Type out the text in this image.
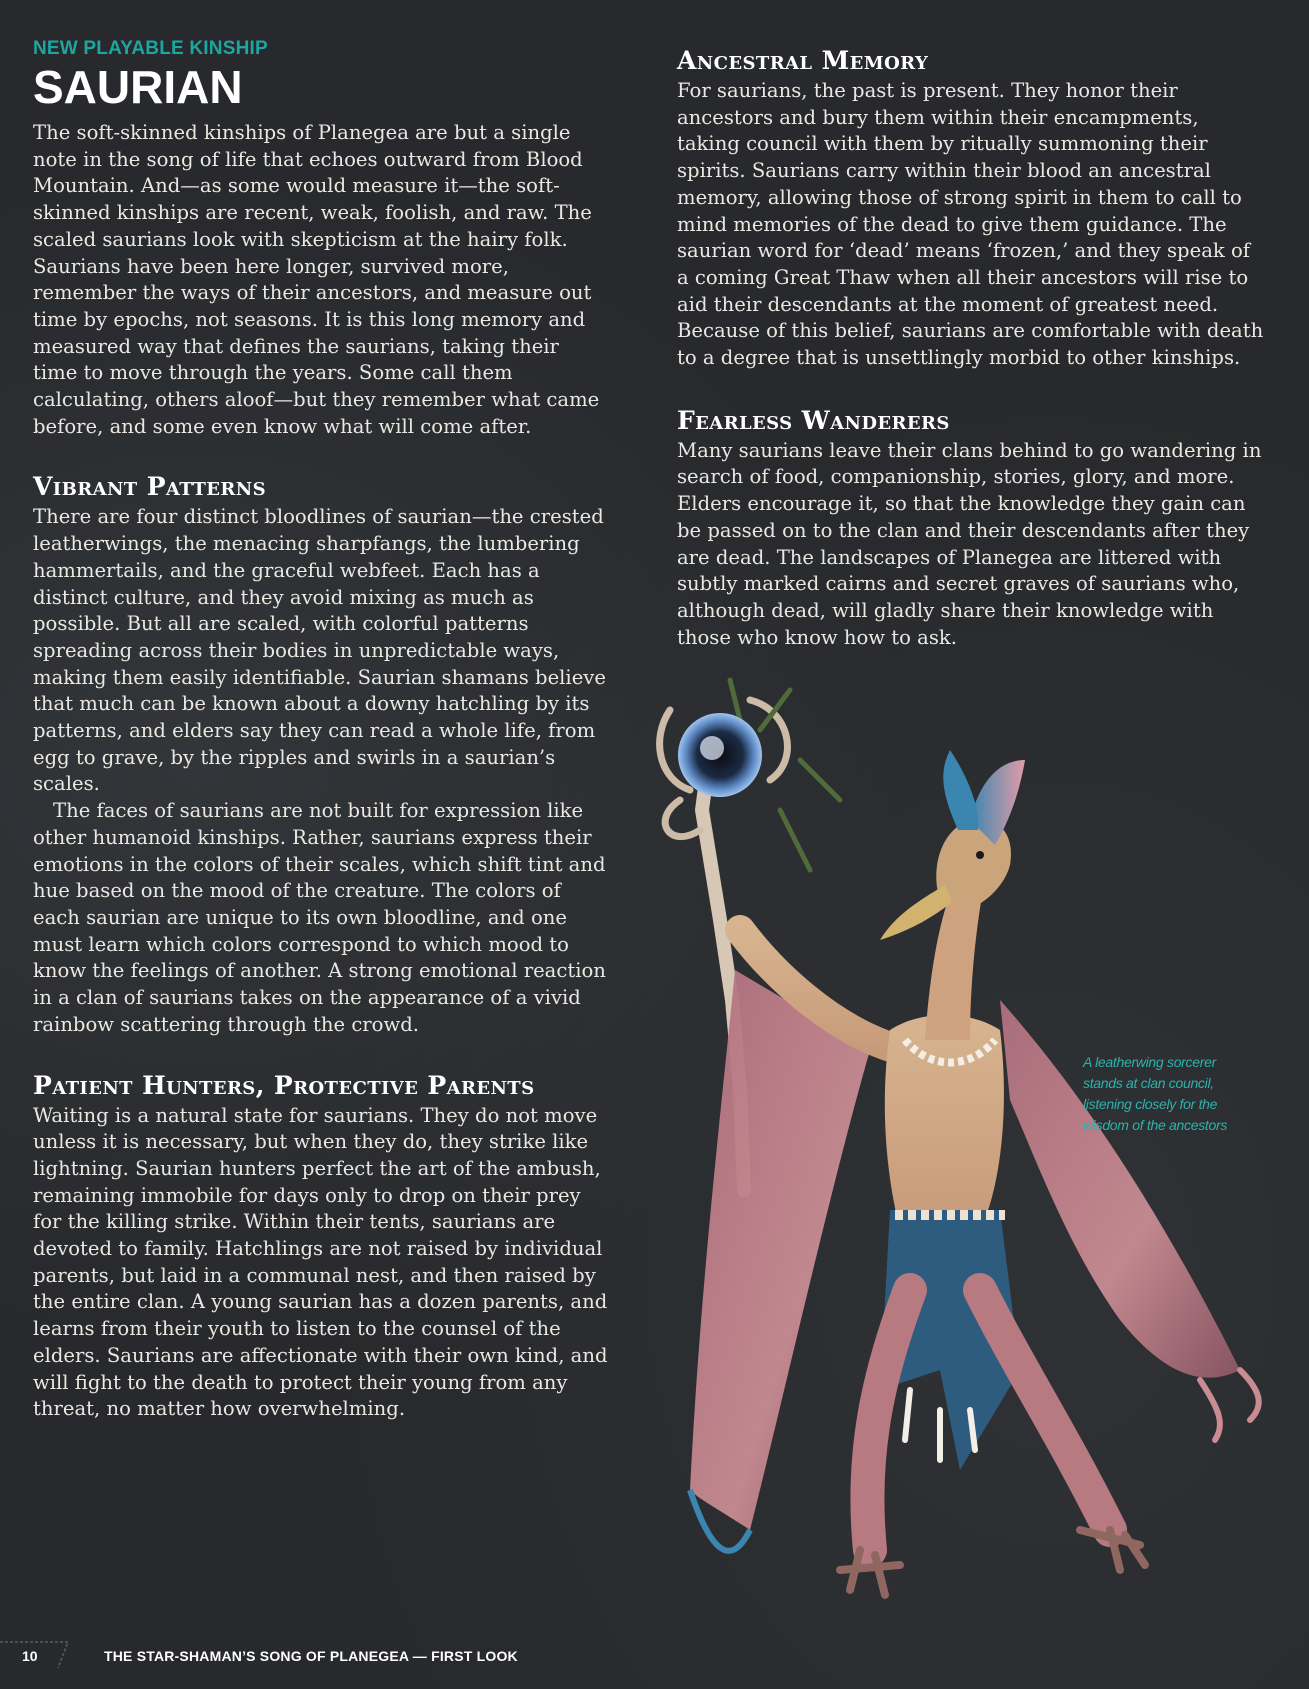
NEW PLAYABLE KINSHIP

SAURIAN

The soft-skinned kinships of Planegea are but a single note in the song of life that echoes outward from Blood Mountain. And—as some would measure it—the soft-skinned kinships are recent, weak, foolish, and raw. The scaled saurians look with skepticism at the hairy folk. Saurians have been here longer, survived more, remember the ways of their ancestors, and measure out time by epochs, not seasons. It is this long memory and measured way that defines the saurians, taking their time to move through the years. Some call them calculating, others aloof—but they remember what came before, and some even know what will come after.

Vibrant Patterns

There are four distinct bloodlines of saurian—the crested leatherwings, the menacing sharpfangs, the lumbering hammertails, and the graceful webfeet. Each has a distinct culture, and they avoid mixing as much as possible. But all are scaled, with colorful patterns spreading across their bodies in unpredictable ways, making them easily identifiable. Saurian shamans believe that much can be known about a downy hatchling by its patterns, and elders say they can read a whole life, from egg to grave, by the ripples and swirls in a saurian’s scales.

The faces of saurians are not built for expression like other humanoid kinships. Rather, saurians express their emotions in the colors of their scales, which shift tint and hue based on the mood of the creature. The colors of each saurian are unique to its own bloodline, and one must learn which colors correspond to which mood to know the feelings of another. A strong emotional reaction in a clan of saurians takes on the appearance of a vivid rainbow scattering through the crowd.

Patient Hunters, Protective Parents

Waiting is a natural state for saurians. They do not move unless it is necessary, but when they do, they strike like lightning. Saurian hunters perfect the art of the ambush, remaining immobile for days only to drop on their prey for the killing strike. Within their tents, saurians are devoted to family. Hatchlings are not raised by individual parents, but laid in a communal nest, and then raised by the entire clan. A young saurian has a dozen parents, and learns from their youth to listen to the counsel of the elders. Saurians are affectionate with their own kind, and will fight to the death to protect their young from any threat, no matter how overwhelming.

Ancestral Memory

For saurians, the past is present. They honor their ancestors and bury them within their encampments, taking council with them by ritually summoning their spirits. Saurians carry within their blood an ancestral memory, allowing those of strong spirit in them to call to mind memories of the dead to give them guidance. The saurian word for ‘dead’ means ‘frozen,’ and they speak of a coming Great Thaw when all their ancestors will rise to aid their descendants at the moment of greatest need. Because of this belief, saurians are comfortable with death to a degree that is unsettlingly morbid to other kinships.

Fearless Wanderers

Many saurians leave their clans behind to go wandering in search of food, companionship, stories, glory, and more. Elders encourage it, so that the knowledge they gain can be passed on to the clan and their descendants after they are dead. The landscapes of Planegea are littered with subtly marked cairns and secret graves of saurians who, although dead, will gladly share their knowledge with those who know how to ask.

A leatherwing sorcerer stands at clan council, listening closely for the wisdom of the ancestors

10	THE STAR-SHAMAN’S SONG OF PLANEGEA — FIRST LOOK
